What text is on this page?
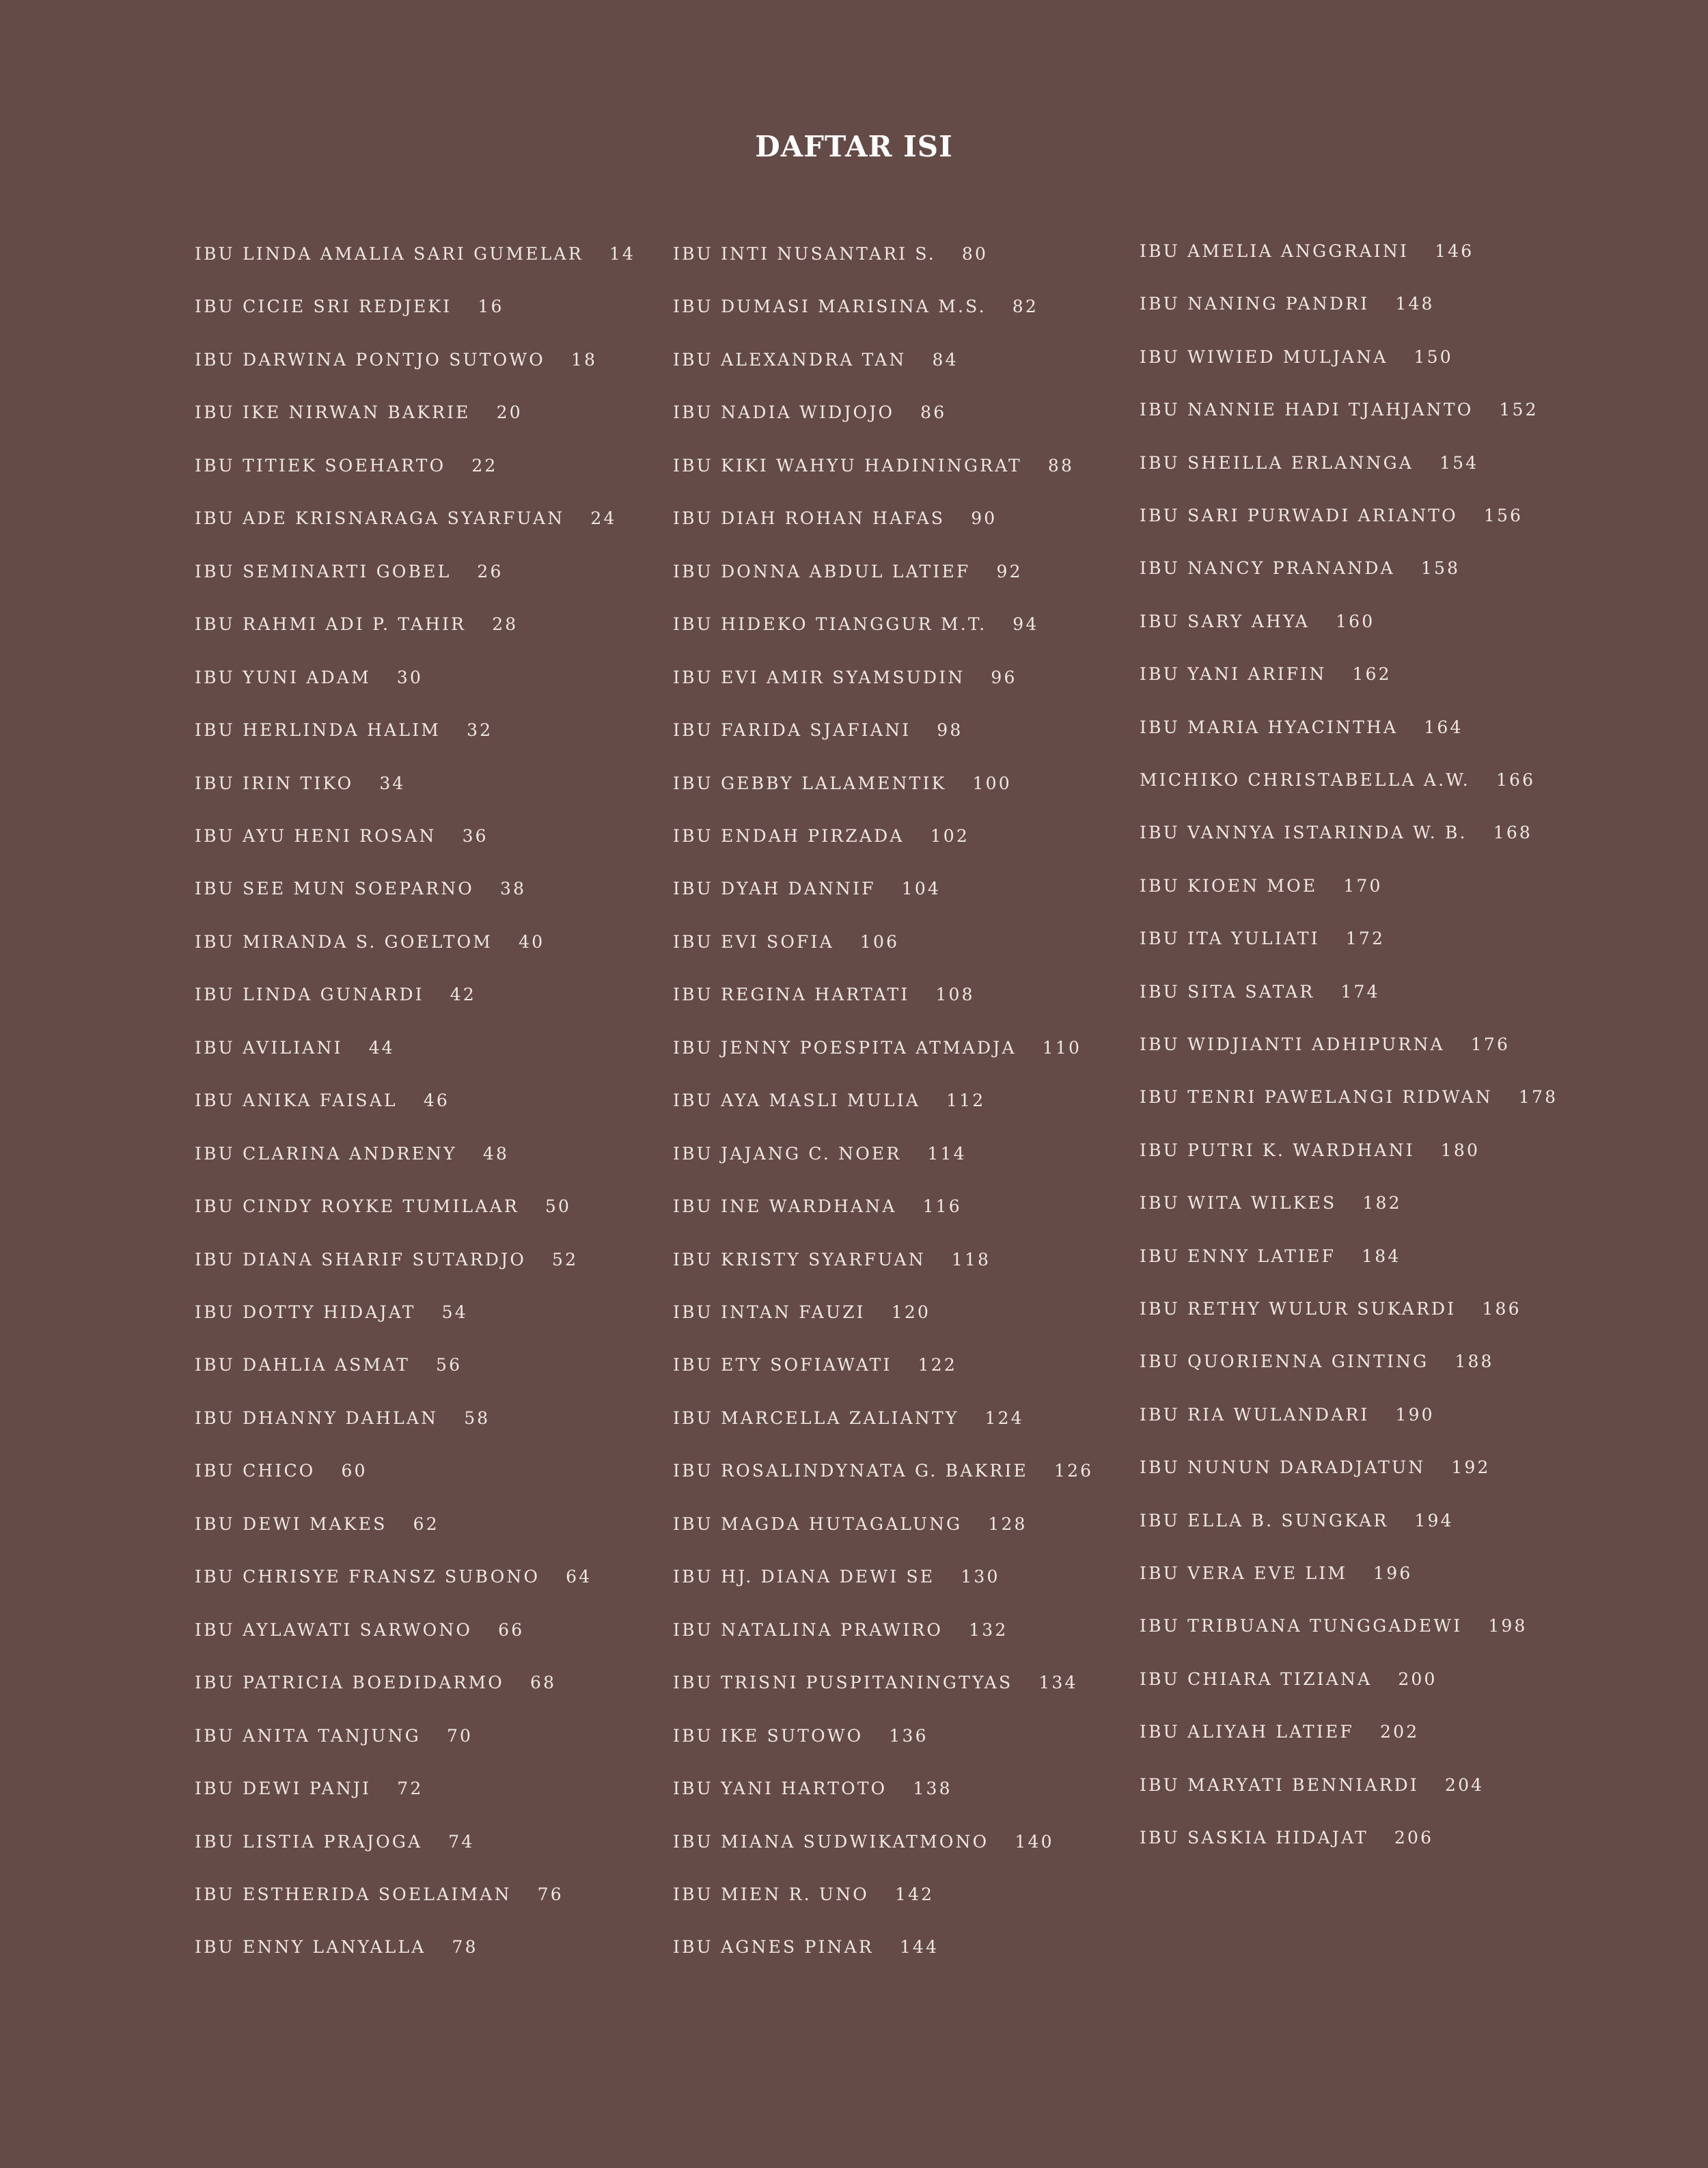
DAFTAR ISI
IBU LINDA AMALIA SARI GUMELAR 14
IBU CICIE SRI REDJEKI 16
IBU DARWINA PONTJO SUTOWO 18
IBU IKE NIRWAN BAKRIE 20
IBU TITIEK SOEHARTO 22
IBU ADE KRISNARAGA SYARFUAN 24
IBU SEMINARTI GOBEL 26
IBU RAHMI ADI P. TAHIR 28
IBU YUNI ADAM 30
IBU HERLINDA HALIM 32
IBU IRIN TIKO 34
IBU AYU HENI ROSAN 36
IBU SEE MUN SOEPARNO 38
IBU MIRANDA S. GOELTOM 40
IBU LINDA GUNARDI 42
IBU AVILIANI 44
IBU ANIKA FAISAL 46
IBU CLARINA ANDRENY 48
IBU CINDY ROYKE TUMILAAR 50
IBU DIANA SHARIF SUTARDJO 52
IBU DOTTY HIDAJAT 54
IBU DAHLIA ASMAT 56
IBU DHANNY DAHLAN 58
IBU CHICO 60
IBU DEWI MAKES 62
IBU CHRISYE FRANSZ SUBONO 64
IBU AYLAWATI SARWONO 66
IBU PATRICIA BOEDIDARMO 68
IBU ANITA TANJUNG 70
IBU DEWI PANJI 72
IBU LISTIA PRAJOGA 74
IBU ESTHERIDA SOELAIMAN 76
IBU ENNY LANYALLA 78
IBU INTI NUSANTARI S. 80
IBU DUMASI MARISINA M.S. 82
IBU ALEXANDRA TAN 84
IBU NADIA WIDJOJO 86
IBU KIKI WAHYU HADININGRAT 88
IBU DIAH ROHAN HAFAS 90
IBU DONNA ABDUL LATIEF 92
IBU HIDEKO TIANGGUR M.T. 94
IBU EVI AMIR SYAMSUDIN 96
IBU FARIDA SJAFIANI 98
IBU GEBBY LALAMENTIK 100
IBU ENDAH PIRZADA 102
IBU DYAH DANNIF 104
IBU EVI SOFIA 106
IBU REGINA HARTATI 108
IBU JENNY POESPITA ATMADJA 110
IBU AYA MASLI MULIA 112
IBU JAJANG C. NOER 114
IBU INE WARDHANA 116
IBU KRISTY SYARFUAN 118
IBU INTAN FAUZI 120
IBU ETY SOFIAWATI 122
IBU MARCELLA ZALIANTY 124
IBU ROSALINDYNATA G. BAKRIE 126
IBU MAGDA HUTAGALUNG 128
IBU HJ. DIANA DEWI SE 130
IBU NATALINA PRAWIRO 132
IBU TRISNI PUSPITANINGTYAS 134
IBU IKE SUTOWO 136
IBU YANI HARTOTO 138
IBU MIANA SUDWIKATMONO 140
IBU MIEN R. UNO 142
IBU AGNES PINAR 144
IBU AMELIA ANGGRAINI 146
IBU NANING PANDRI 148
IBU WIWIED MULJANA 150
IBU NANNIE HADI TJAHJANTO 152
IBU SHEILLA ERLANNGA 154
IBU SARI PURWADI ARIANTO 156
IBU NANCY PRANANDA 158
IBU SARY AHYA 160
IBU YANI ARIFIN 162
IBU MARIA HYACINTHA 164
MICHIKO CHRISTABELLA A.W. 166
IBU VANNYA ISTARINDA W. B. 168
IBU KIOEN MOE 170
IBU ITA YULIATI 172
IBU SITA SATAR 174
IBU WIDJIANTI ADHIPURNA 176
IBU TENRI PAWELANGI RIDWAN 178
IBU PUTRI K. WARDHANI 180
IBU WITA WILKES 182
IBU ENNY LATIEF 184
IBU RETHY WULUR SUKARDI 186
IBU QUORIENNA GINTING 188
IBU RIA WULANDARI 190
IBU NUNUN DARADJATUN 192
IBU ELLA B. SUNGKAR 194
IBU VERA EVE LIM 196
IBU TRIBUANA TUNGGADEWI 198
IBU CHIARA TIZIANA 200
IBU ALIYAH LATIEF 202
IBU MARYATI BENNIARDI 204
IBU SASKIA HIDAJAT 206
